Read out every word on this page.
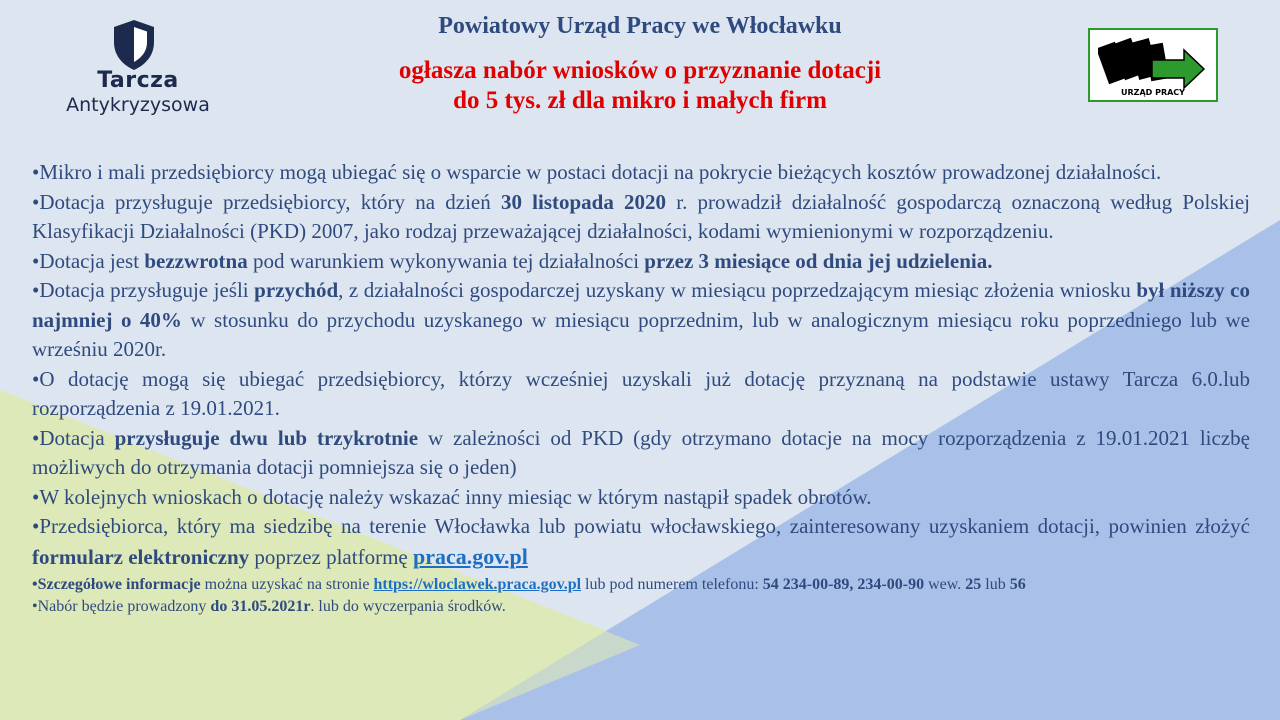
Tarcza
Antykryzysowa
Powiatowy Urząd Pracy we Włocławku
ogłasza nabór wniosków o przyznanie dotacji
do 5 tys. zł dla mikro i małych firm	URZĄD PRACY

•Mikro i mali przedsiębiorcy mogą ubiegać się o wsparcie w postaci dotacji na pokrycie bieżących kosztów prowadzonej działalności.

•Dotacja przysługuje przedsiębiorcy, który na dzień 30 listopada 2020 r. prowadził działalność gospodarczą oznaczoną według Polskiej Klasyfikacji Działalności (PKD) 2007, jako rodzaj przeważającej działalności, kodami wymienionymi w rozporządzeniu.

•Dotacja jest bezzwrotna pod warunkiem wykonywania tej działalności przez 3 miesiące od dnia jej udzielenia.

•Dotacja przysługuje jeśli przychód, z działalności gospodarczej uzyskany w miesiącu poprzedzającym miesiąc złożenia wniosku był niższy co najmniej o 40% w stosunku do przychodu uzyskanego w miesiącu poprzednim, lub w analogicznym miesiącu roku poprzedniego lub we wrześniu 2020r.

•O dotację mogą się ubiegać przedsiębiorcy, którzy wcześniej uzyskali już dotację przyznaną na podstawie ustawy Tarcza 6.0.lub rozporządzenia z 19.01.2021.

•Dotacja przysługuje dwu lub trzykrotnie w zależności od PKD (gdy otrzymano dotacje na mocy rozporządzenia z 19.01.2021 liczbę możliwych do otrzymania dotacji pomniejsza się o jeden)

•W kolejnych wnioskach o dotację należy wskazać inny miesiąc w którym nastąpił spadek obrotów.

•Przedsiębiorca, który ma siedzibę na terenie Włocławka lub powiatu włocławskiego, zainteresowany uzyskaniem dotacji, powinien złożyć formularz elektroniczny poprzez platformę praca.gov.pl

•Szczegółowe informacje można uzyskać na stronie https://wloclawek.praca.gov.pl lub pod numerem telefonu: 54 234-00-89, 234-00-90 wew. 25 lub 56

•Nabór będzie prowadzony do 31.05.2021r. lub do wyczerpania środków.
